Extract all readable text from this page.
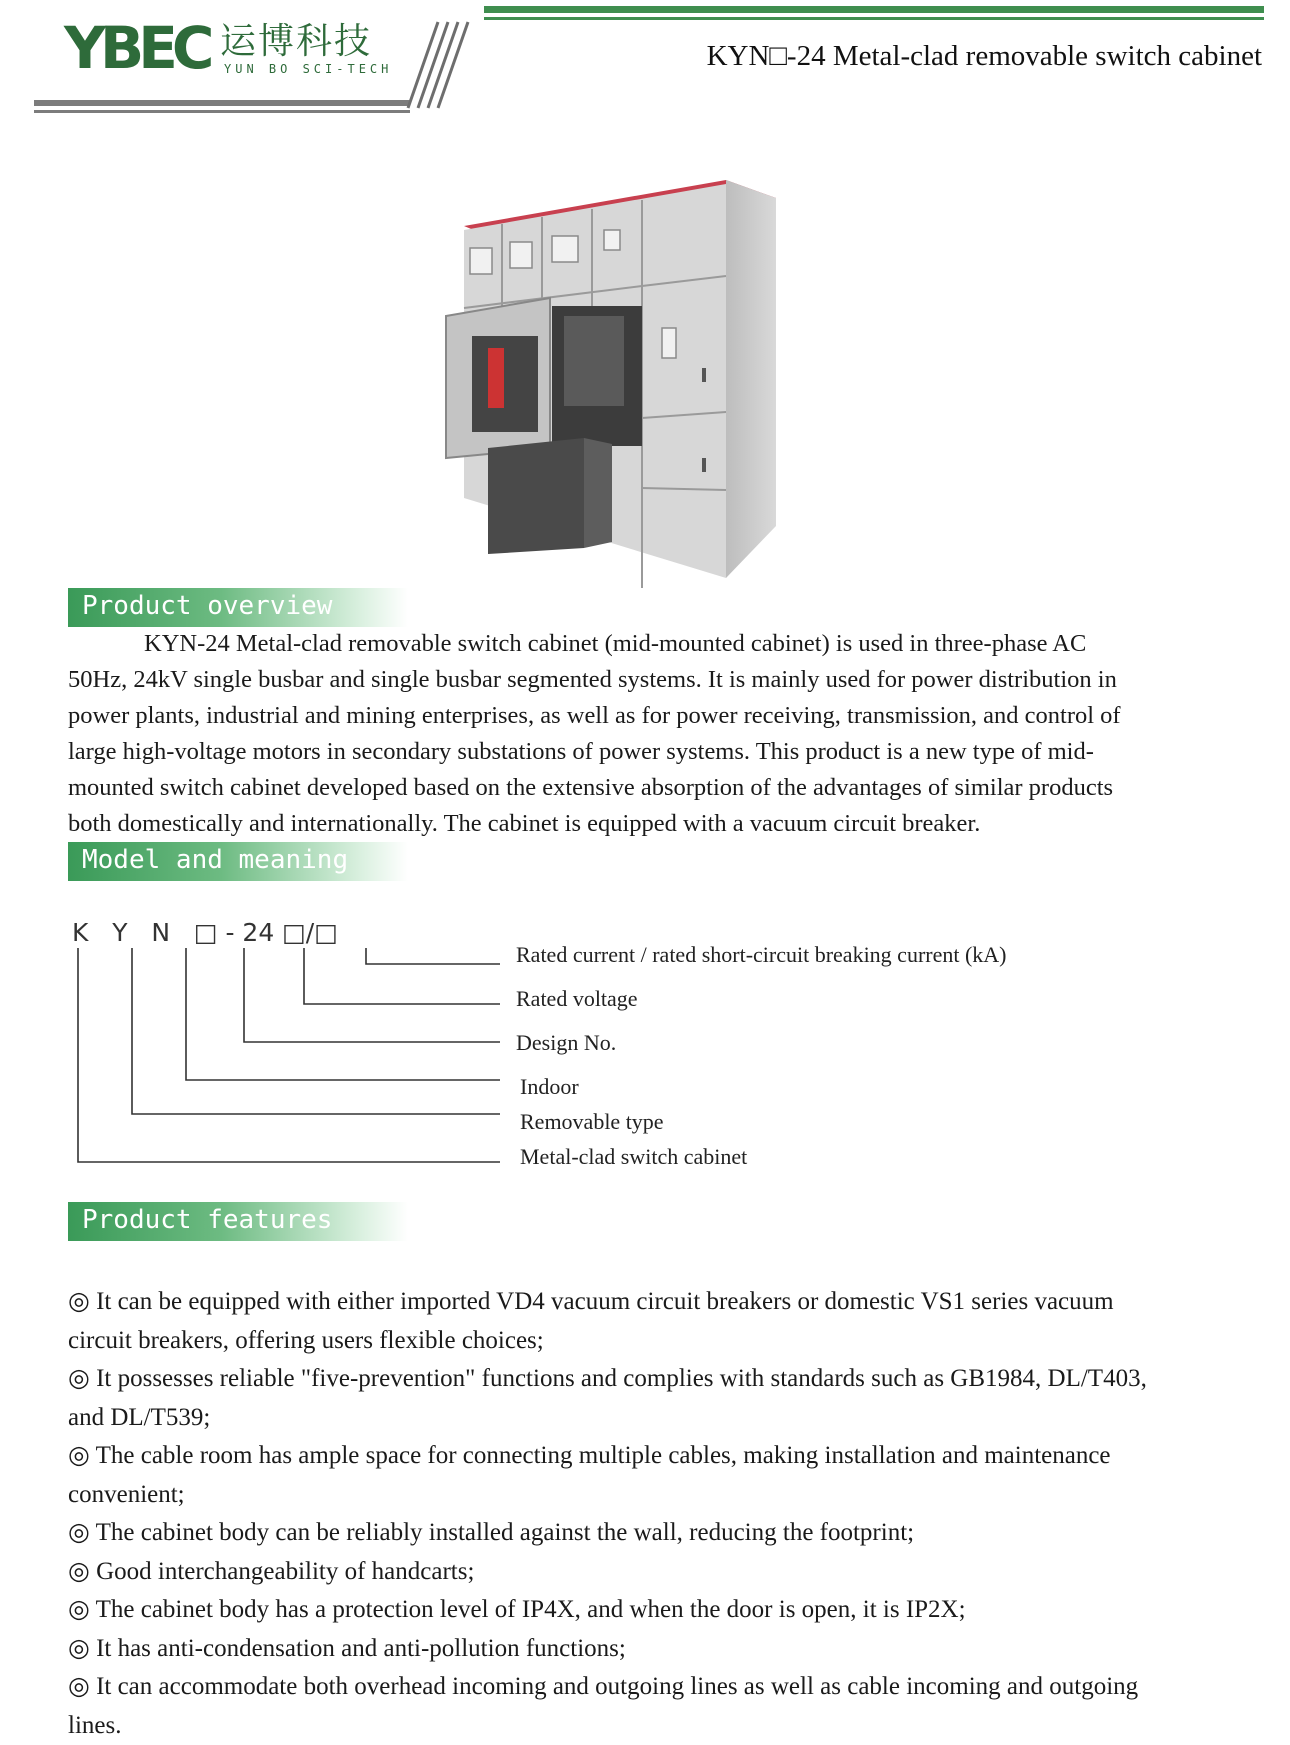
YBEC 运博科技
YUN BO SCI-TECH	KYN□-24 Metal-clad removable switch cabinet
Product overview
KYN-24 Metal-clad removable switch cabinet (mid-mounted cabinet) is used in three-phase AC
50Hz, 24kV single busbar and single busbar segmented systems. It is mainly used for power distribution in
power plants, industrial and mining enterprises, as well as for power receiving, transmission, and control of
large high-voltage motors in secondary substations of power systems. This product is a new type of mid-
mounted switch cabinet developed based on the extensive absorption of the advantages of similar products
both domestically and internationally. The cabinet is equipped with a vacuum circuit breaker.
Model and meaning
K   Y   N   □ - 24 □/□
Rated current / rated short-circuit breaking current (kA)
Rated voltage
Design No.
Indoor
Removable type
Metal-clad switch cabinet
Product features
◎ It can be equipped with either imported VD4 vacuum circuit breakers or domestic VS1 series vacuum
circuit breakers, offering users flexible choices;
◎ It possesses reliable "five-prevention" functions and complies with standards such as GB1984, DL/T403,
and DL/T539;
◎ The cable room has ample space for connecting multiple cables, making installation and maintenance
convenient;
◎ The cabinet body can be reliably installed against the wall, reducing the footprint;
◎ Good interchangeability of handcarts;
◎ The cabinet body has a protection level of IP4X, and when the door is open, it is IP2X;
◎ It has anti-condensation and anti-pollution functions;
◎ It can accommodate both overhead incoming and outgoing lines as well as cable incoming and outgoing
lines.
